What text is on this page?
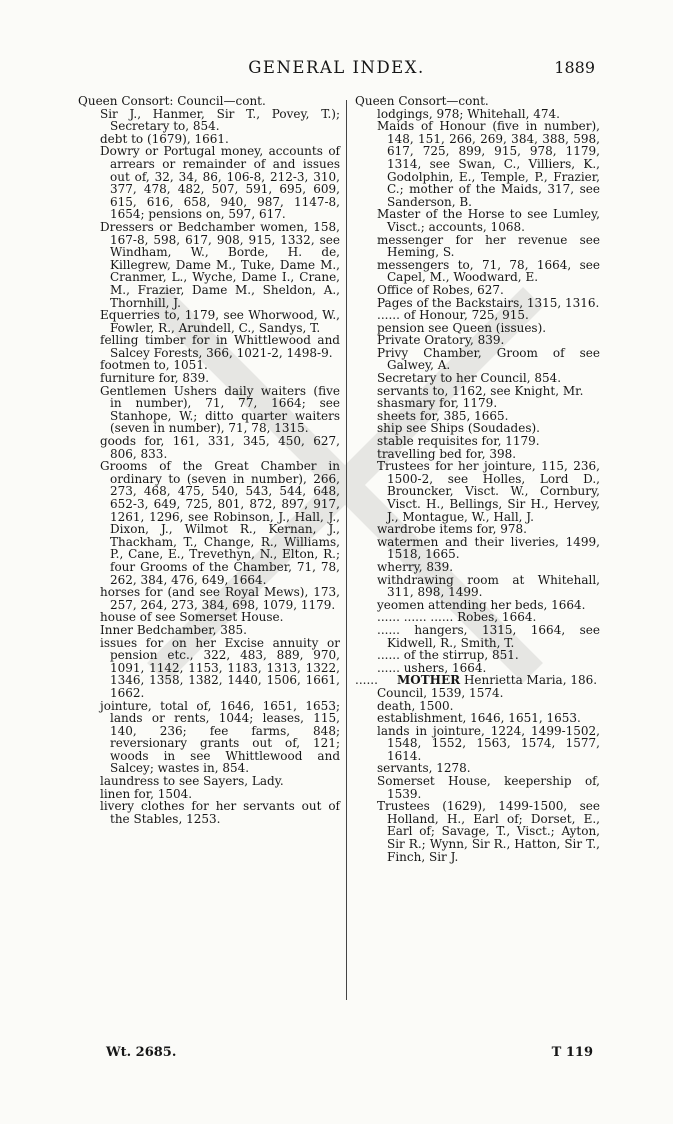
GENERAL INDEX.	1889

Queen Consort: Council—cont.

Sir J., Hanmer, Sir T., Povey, T.); Secretary to, 854.

debt to (1679), 1661.

Dowry or Portugal money, accounts of arrears or remainder of and issues out of, 32, 34, 86, 106-8, 212-3, 310, 377, 478, 482, 507, 591, 695, 609, 615, 616, 658, 940, 987, 1147-8, 1654; pensions on, 597, 617.

Dressers or Bedchamber women, 158, 167-8, 598, 617, 908, 915, 1332, see Windham, W., Borde, H. de, Killegrew, Dame M., Tuke, Dame M., Cranmer, L., Wyche, Dame I., Crane, M., Frazier, Dame M., Sheldon, A., Thornhill, J.

Equerries to, 1179, see Whorwood, W., Fowler, R., Arundell, C., Sandys, T.

felling timber for in Whittlewood and Salcey Forests, 366, 1021-2, 1498-9.

footmen to, 1051.

furniture for, 839.

Gentlemen Ushers daily waiters (five in number), 71, 77, 1664; see Stanhope, W.; ditto quarter waiters (seven in number), 71, 78, 1315.

goods for, 161, 331, 345, 450, 627, 806, 833.

Grooms of the Great Chamber in ordinary to (seven in number), 266, 273, 468, 475, 540, 543, 544, 648, 652-3, 649, 725, 801, 872, 897, 917, 1261, 1296, see Robinson, J., Hall, J., Dixon, J., Wilmot R., Kernan, J., Thackham, T., Change, R., Williams, P., Cane, E., Trevethyn, N., Elton, R.; four Grooms of the Chamber, 71, 78, 262, 384, 476, 649, 1664.

horses for (and see Royal Mews), 173, 257, 264, 273, 384, 698, 1079, 1179.

house of see Somerset House.

Inner Bedchamber, 385.

issues for on her Excise annuity or pension etc., 322, 483, 889, 970, 1091, 1142, 1153, 1183, 1313, 1322, 1346, 1358, 1382, 1440, 1506, 1661, 1662.

jointure, total of, 1646, 1651, 1653; lands or rents, 1044; leases, 115, 140, 236; fee farms, 848; reversionary grants out of, 121; woods in see Whittlewood and Salcey; wastes in, 854.

laundress to see Sayers, Lady.

linen for, 1504.

livery clothes for her servants out of the Stables, 1253.

Queen Consort—cont.

lodgings, 978; Whitehall, 474.

Maids of Honour (five in number), 148, 151, 266, 269, 384, 388, 598, 617, 725, 899, 915, 978, 1179, 1314, see Swan, C., Villiers, K., Godolphin, E., Temple, P., Frazier, C.; mother of the Maids, 317, see Sanderson, B.

Master of the Horse to see Lumley, Visct.; accounts, 1068.

messenger for her revenue see Heming, S.

messengers to, 71, 78, 1664, see Capel, M., Woodward, E.

Office of Robes, 627.

Pages of the Backstairs, 1315, 1316.

...... of Honour, 725, 915.

pension see Queen (issues).

Private Oratory, 839.

Privy Chamber, Groom of see Galwey, A.

Secretary to her Council, 854.

servants to, 1162, see Knight, Mr.

shasmary for, 1179.

sheets for, 385, 1665.

ship see Ships (Soudades).

stable requisites for, 1179.

travelling bed for, 398.

Trustees for her jointure, 115, 236, 1500-2, see Holles, Lord D., Brouncker, Visct. W., Cornbury, Visct. H., Bellings, Sir H., Hervey, J., Montague, W., Hall, J.

wardrobe items for, 978.

watermen and their liveries, 1499, 1518, 1665.

wherry, 839.

withdrawing room at Whitehall, 311, 898, 1499.

yeomen attending her beds, 1664.

...... ...... ...... Robes, 1664.

...... hangers, 1315, 1664, see Kidwell, R., Smith, T.

...... of the stirrup, 851.

...... ushers, 1664.

...... MOTHER Henrietta Maria, 186.

Council, 1539, 1574.

death, 1500.

establishment, 1646, 1651, 1653.

lands in jointure, 1224, 1499-1502, 1548, 1552, 1563, 1574, 1577, 1614.

servants, 1278.

Somerset House, keepership of, 1539.

Trustees (1629), 1499-1500, see Holland, H., Earl of; Dorset, E., Earl of; Savage, T., Visct.; Ayton, Sir R.; Wynn, Sir R., Hatton, Sir T., Finch, Sir J.

Wt. 2685.	T 119
